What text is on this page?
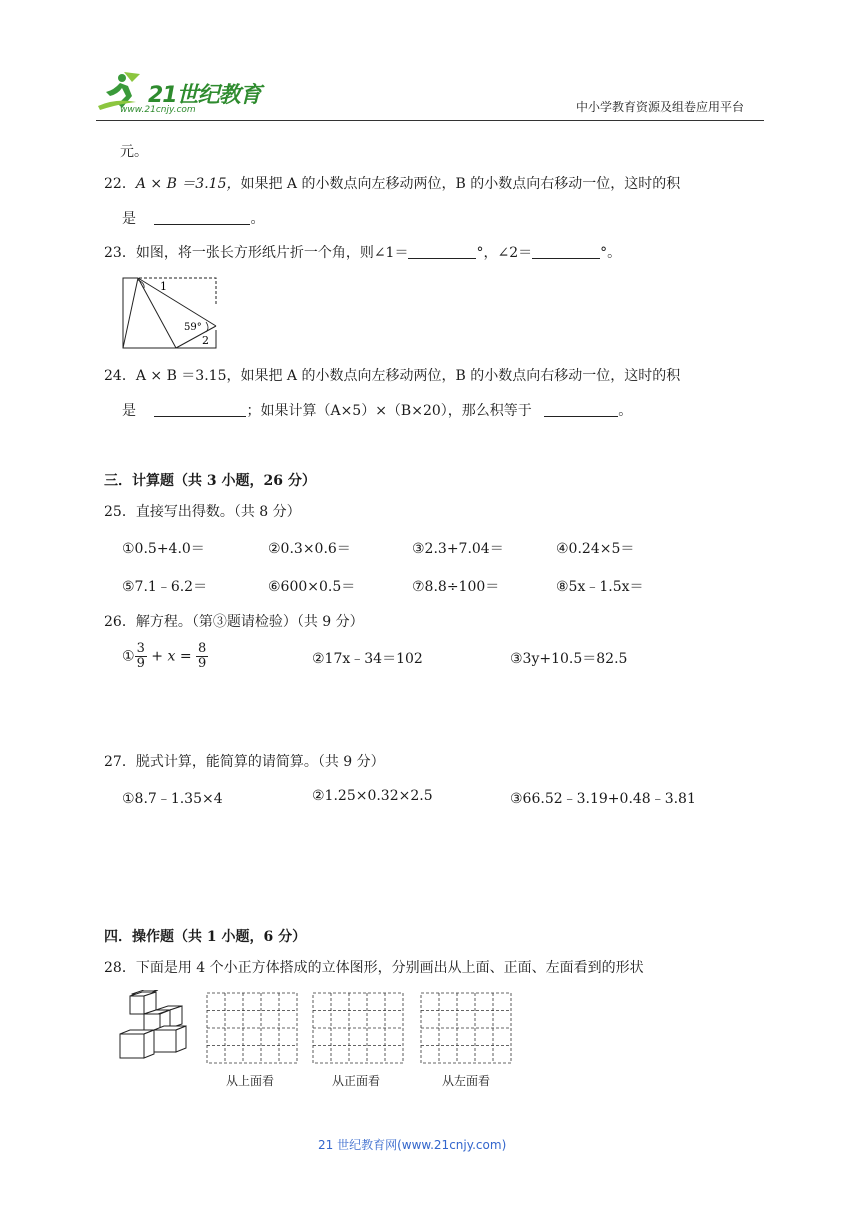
21世纪教育
www.21cnjy.com	中小学教育资源及组卷应用平台
元。
22．A × B ＝3.15，如果把 A 的小数点向左移动两位，B 的小数点向右移动一位，这时的积
是	。
23．如图，将一张长方形纸片折一个角，则∠1＝	°，∠2＝	°。
1
59°
2
24．A × B ＝3.15，如果把 A 的小数点向左移动两位，B 的小数点向右移动一位，这时的积
是	；如果计算（A×5）×（B×20），那么积等于	。
三．计算题（共 3 小题，26 分）
25．直接写出得数。（共 8 分）
①0.5+4.0＝	②0.3×0.6＝	③2.3+7.04＝	④0.24×5＝
⑤7.1﹣6.2＝	⑥600×0.5＝	⑦8.8÷100＝	⑧5x﹣1.5x＝
26．解方程。（第③题请检验）（共 9 分）
① $\frac{3}{9} + x = \frac{8}{9}$	②17x﹣34＝102	③3y+10.5＝82.5
27．脱式计算，能简算的请简算。（共 9 分）
①8.7﹣1.35×4	②1.25×0.32×2.5	③66.52﹣3.19+0.48﹣3.81
四．操作题（共 1 小题，6 分）
28．下面是用 4 个小正方体搭成的立体图形，分别画出从上面、正面、左面看到的形状
从上面看	从正面看	从左面看
21 世纪教育网(www.21cnjy.com)
